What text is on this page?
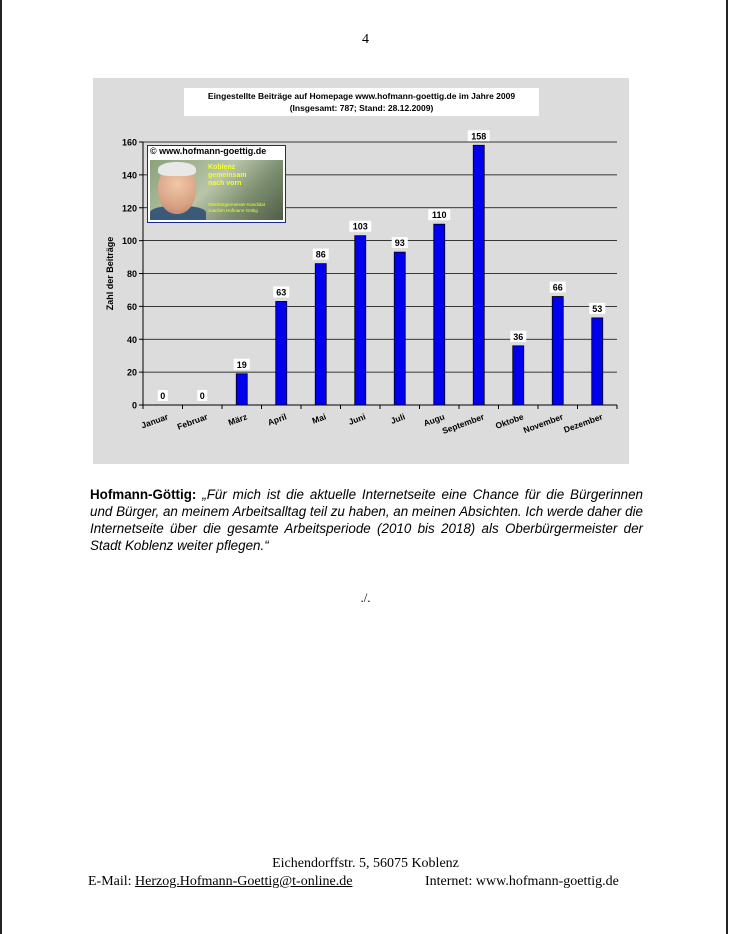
4
0
20
40
60
80
100
120
140
160
Zahl der Beiträge
0
Januar
0
Februar
19
März
63
April
86
Mai
103
Juni
93
Juli
110
Augu
158
September
36
Oktobe
66
November
53
Dezember
Eingestellte Beiträge auf Homepage www.hofmann-goettig.de im Jahre 2009
(Insgesamt: 787; Stand: 28.12.2009)
© www.hofmann-goettig.de
Koblenz
gemeinsam
nach vorn
Oberbürgermeister-Kandidat
Joachim Hofmann-Göttig
Hofmann-Göttig: „Für mich ist die aktuelle Internetseite eine Chance für die Bürgerinnen und Bürger, an meinem Arbeitsalltag teil zu haben, an meinen Absichten. Ich werde daher die Internetseite über die gesamte Arbeitsperiode (2010 bis 2018) als Oberbürgermeister der Stadt Koblenz weiter pflegen.“
./.
Eichendorffstr. 5, 56075 Koblenz
E-Mail: Herzog.Hofmann-Goettig@t-online.de	Internet: www.hofmann-goettig.de
